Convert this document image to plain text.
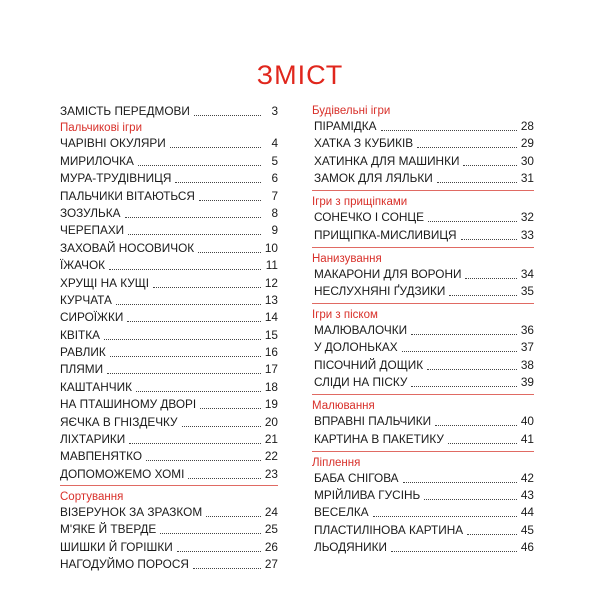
ЗМІСТ
ЗАМІСТЬ ПЕРЕДМОВИ	3
Пальчикові ігри
ЧАРІВНІ ОКУЛЯРИ	4
МИРИЛОЧКА	5
МУРА-ТРУДІВНИЦЯ	6
ПАЛЬЧИКИ ВІТАЮТЬСЯ	7
ЗОЗУЛЬКА	8
ЧЕРЕПАХИ	9
ЗАХОВАЙ НОСОВИЧОК	10
ЇЖАЧОК	11
ХРУЩІ НА КУЩІ	12
КУРЧАТА	13
СИРОЇЖКИ	14
КВІТКА	15
РАВЛИК	16
ПЛЯМИ	17
КАШТАНЧИК	18
НА ПТАШИНОМУ ДВОРІ	19
ЯЄЧКА В ГНІЗДЕЧКУ	20
ЛІХТАРИКИ	21
МАВПЕНЯТКО	22
ДОПОМОЖЕМО ХОМІ	23
Сортування
ВІЗЕРУНОК ЗА ЗРАЗКОМ	24
М'ЯКЕ Й ТВЕРДЕ	25
ШИШКИ Й ГОРІШКИ	26
НАГОДУЙМО ПОРОСЯ	27
Будівельні ігри
ПІРАМІДКА	28
ХАТКА З КУБИКІВ	29
ХАТИНКА ДЛЯ МАШИНКИ	30
ЗАМОК ДЛЯ ЛЯЛЬКИ	31
Ігри з прищіпками
СОНЕЧКО І СОНЦЕ	32
ПРИЩІПКА-МИСЛИВИЦЯ	33
Нанизування
МАКАРОНИ ДЛЯ ВОРОНИ	34
НЕСЛУХНЯНІ ҐУДЗИКИ	35
Ігри з піском
МАЛЮВАЛОЧКИ	36
У ДОЛОНЬКАХ	37
ПІСОЧНИЙ ДОЩИК	38
СЛІДИ НА ПІСКУ	39
Малювання
ВПРАВНІ ПАЛЬЧИКИ	40
КАРТИНА В ПАКЕТИКУ	41
Ліплення
БАБА СНІГОВА	42
МРІЙЛИВА ГУСІНЬ	43
ВЕСЕЛКА	44
ПЛАСТИЛІНОВА КАРТИНА	45
ЛЬОДЯНИКИ	46
